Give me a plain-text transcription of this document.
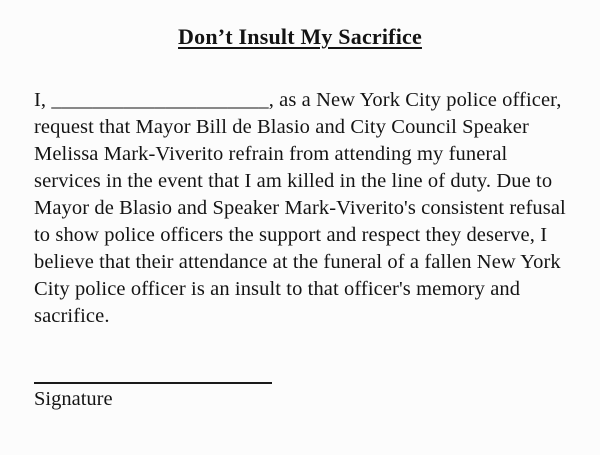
Don’t Insult My Sacrifice
I, _____________________, as a New York City police officer,
request that Mayor Bill de Blasio and City Council Speaker
Melissa Mark-Viverito refrain from attending my funeral
services in the event that I am killed in the line of duty. Due to
Mayor de Blasio and Speaker Mark-Viverito's consistent refusal
to show police officers the support and respect they deserve, I
believe that their attendance at the funeral of a fallen New York
City police officer is an insult to that officer's memory and
sacrifice.
Signature
